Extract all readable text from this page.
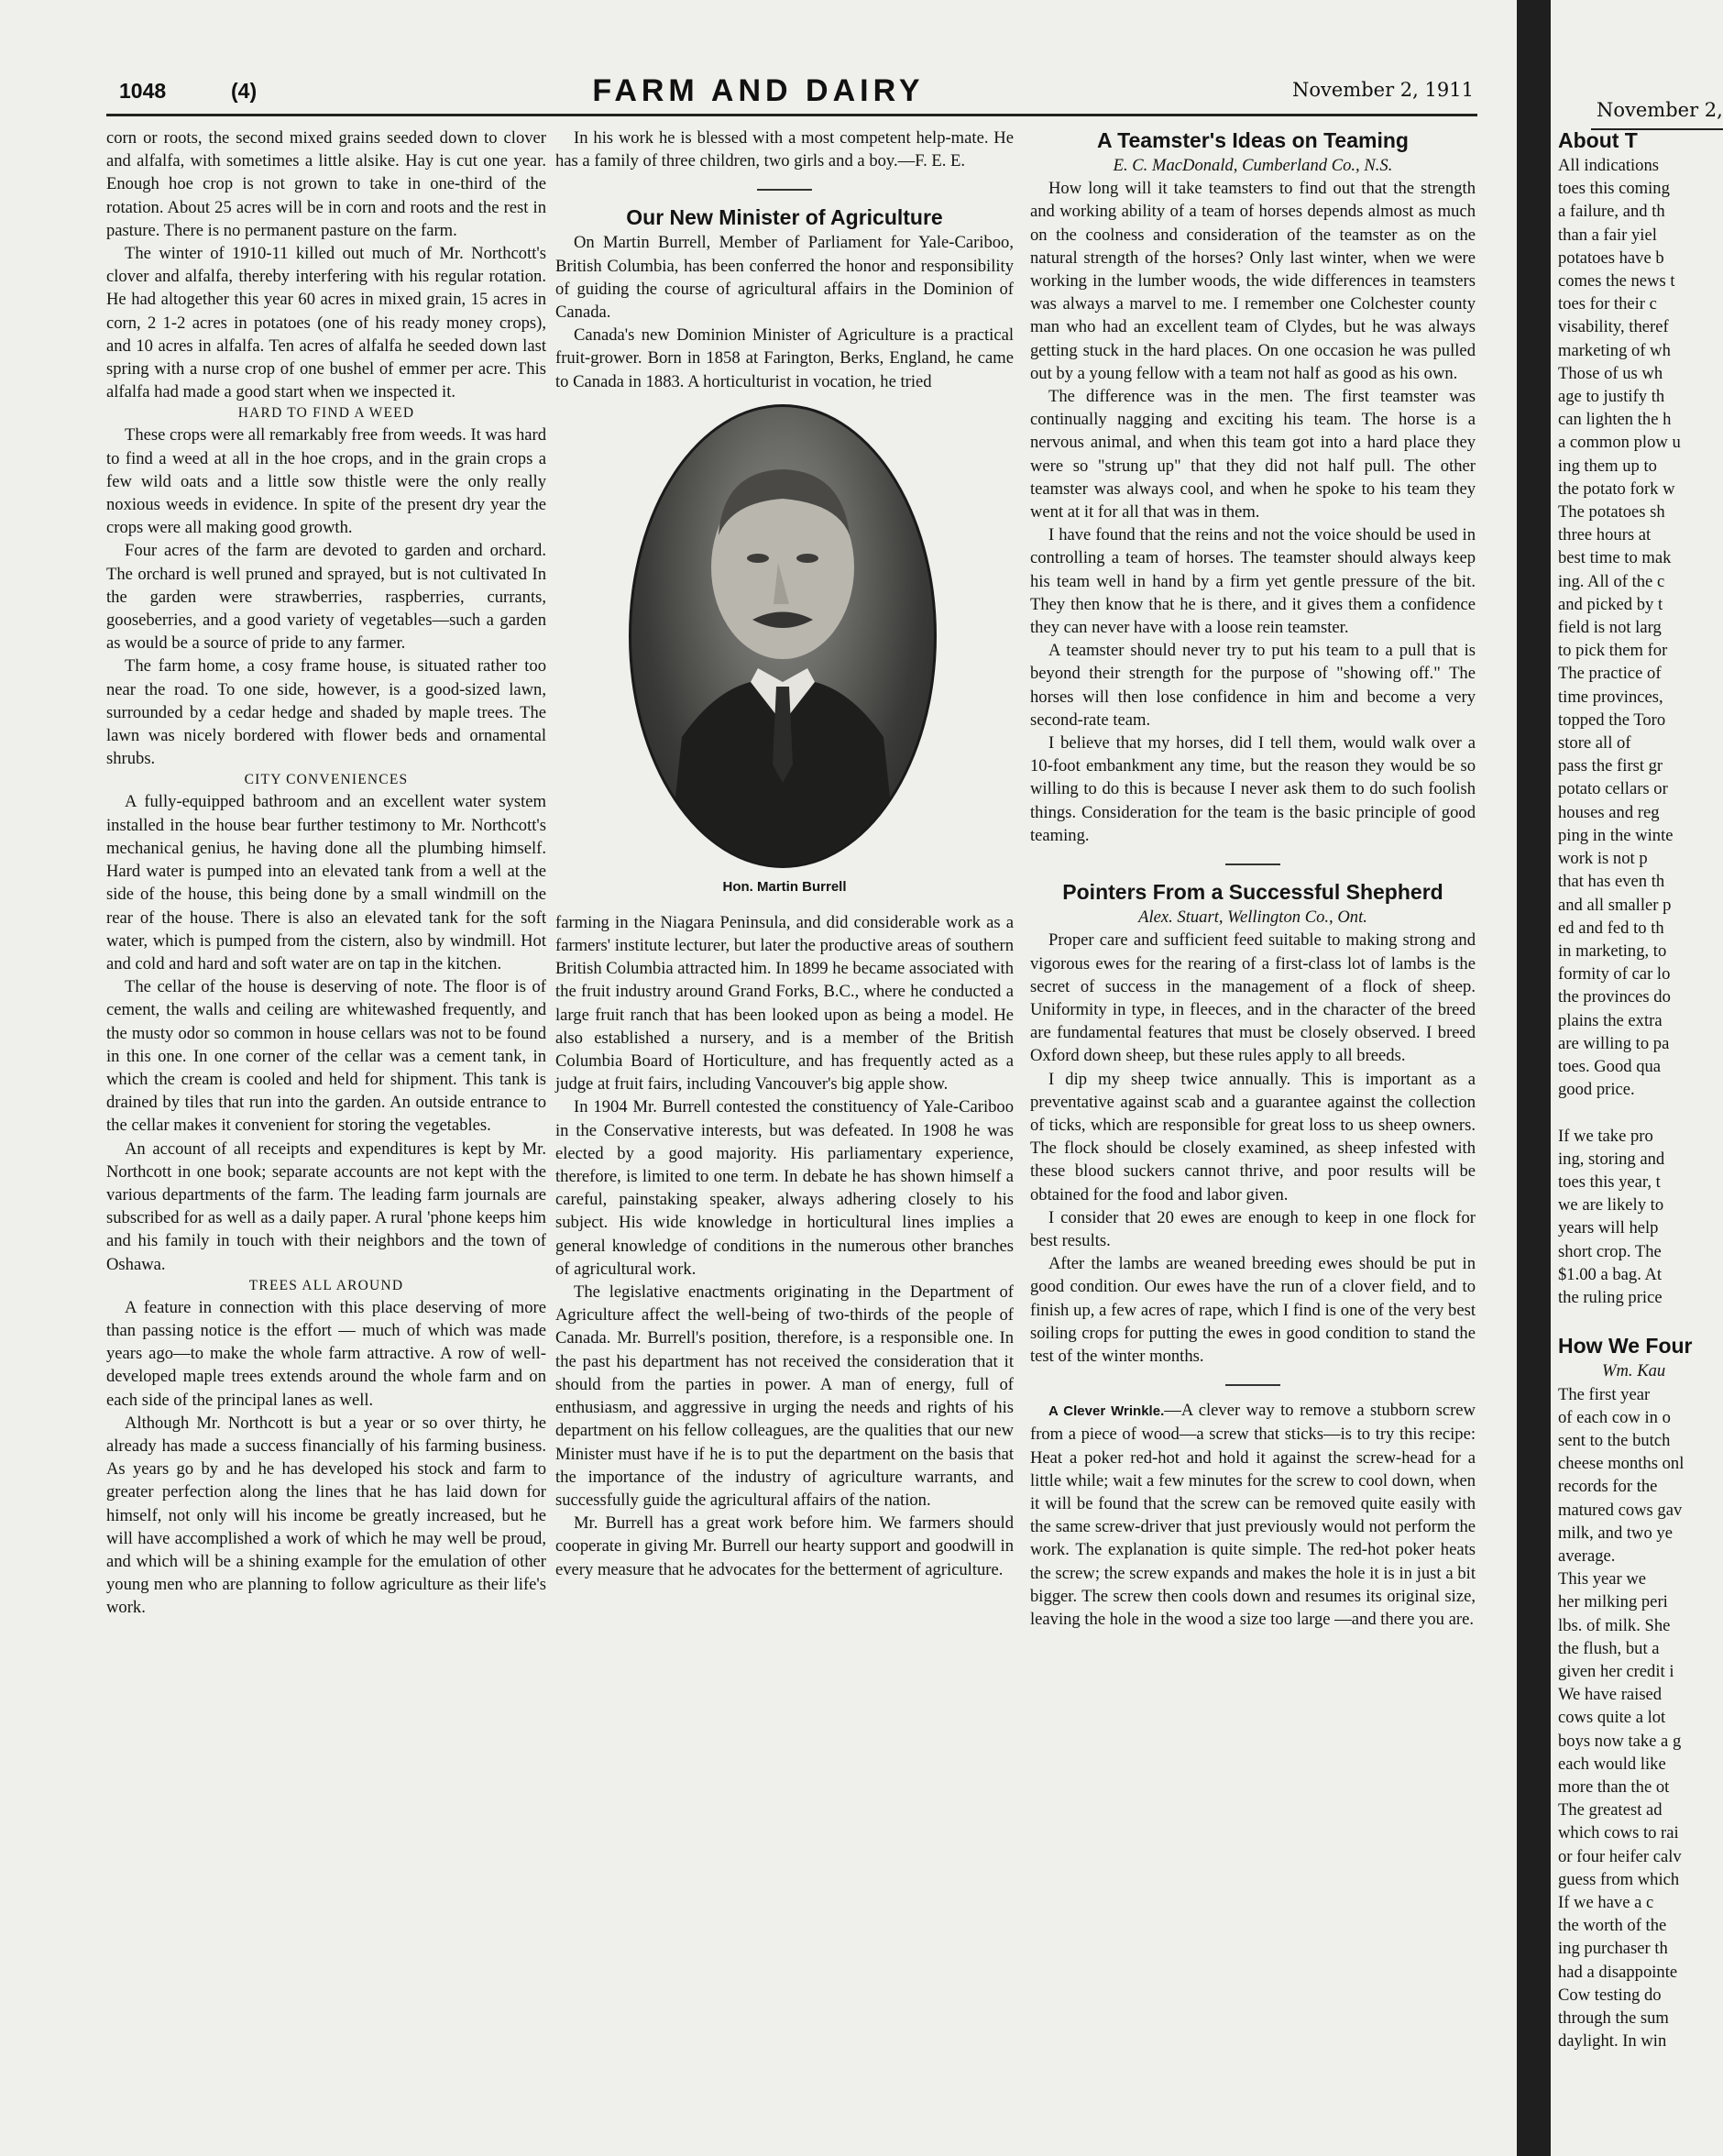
1048	(4)	FARM AND DAIRY	November 2, 1911

corn or roots, the second mixed grains seeded down to clover and alfalfa, with sometimes a little alsike. Hay is cut one year. Enough hoe crop is not grown to take in one-third of the rotation. About 25 acres will be in corn and roots and the rest in pasture. There is no permanent pasture on the farm.

The winter of 1910-11 killed out much of Mr. Northcott's clover and alfalfa, thereby interfering with his regular rotation. He had altogether this year 60 acres in mixed grain, 15 acres in corn, 2 1-2 acres in potatoes (one of his ready money crops), and 10 acres in alfalfa. Ten acres of alfalfa he seeded down last spring with a nurse crop of one bushel of emmer per acre. This alfalfa had made a good start when we inspected it.

HARD TO FIND A WEED

These crops were all remarkably free from weeds. It was hard to find a weed at all in the hoe crops, and in the grain crops a few wild oats and a little sow thistle were the only really noxious weeds in evidence. In spite of the present dry year the crops were all making good growth.

Four acres of the farm are devoted to garden and orchard. The orchard is well pruned and sprayed, but is not cultivated In the garden were strawberries, raspberries, currants, gooseberries, and a good variety of vegetables—such a garden as would be a source of pride to any farmer.

The farm home, a cosy frame house, is situated rather too near the road. To one side, however, is a good-sized lawn, surrounded by a cedar hedge and shaded by maple trees. The lawn was nicely bordered with flower beds and ornamental shrubs.

CITY CONVENIENCES

A fully-equipped bathroom and an excellent water system installed in the house bear further testimony to Mr. Northcott's mechanical genius, he having done all the plumbing himself. Hard water is pumped into an elevated tank from a well at the side of the house, this being done by a small windmill on the rear of the house. There is also an elevated tank for the soft water, which is pumped from the cistern, also by windmill. Hot and cold and hard and soft water are on tap in the kitchen.

The cellar of the house is deserving of note. The floor is of cement, the walls and ceiling are whitewashed frequently, and the musty odor so common in house cellars was not to be found in this one. In one corner of the cellar was a cement tank, in which the cream is cooled and held for shipment. This tank is drained by tiles that run into the garden. An outside entrance to the cellar makes it convenient for storing the vegetables.

An account of all receipts and expenditures is kept by Mr. Northcott in one book; separate accounts are not kept with the various departments of the farm. The leading farm journals are subscribed for as well as a daily paper. A rural 'phone keeps him and his family in touch with their neighbors and the town of Oshawa.

TREES ALL AROUND

A feature in connection with this place deserving of more than passing notice is the effort — much of which was made years ago—to make the whole farm attractive. A row of well-developed maple trees extends around the whole farm and on each side of the principal lanes as well.

Although Mr. Northcott is but a year or so over thirty, he already has made a success financially of his farming business. As years go by and he has developed his stock and farm to greater perfection along the lines that he has laid down for himself, not only will his income be greatly increased, but he will have accomplished a work of which he may well be proud, and which will be a shining example for the emulation of other young men who are planning to follow agriculture as their life's work.

In his work he is blessed with a most competent help-mate. He has a family of three children, two girls and a boy.—F. E. E.

Our New Minister of Agriculture

On Martin Burrell, Member of Parliament for Yale-Cariboo, British Columbia, has been conferred the honor and responsibility of guiding the course of agricultural affairs in the Dominion of Canada.

Canada's new Dominion Minister of Agriculture is a practical fruit-grower. Born in 1858 at Farington, Berks, England, he came to Canada in 1883. A horticulturist in vocation, he tried

Hon. Martin Burrell

farming in the Niagara Peninsula, and did considerable work as a farmers' institute lecturer, but later the productive areas of southern British Columbia attracted him. In 1899 he became associated with the fruit industry around Grand Forks, B.C., where he conducted a large fruit ranch that has been looked upon as being a model. He also established a nursery, and is a member of the British Columbia Board of Horticulture, and has frequently acted as a judge at fruit fairs, including Vancouver's big apple show.

In 1904 Mr. Burrell contested the constituency of Yale-Cariboo in the Conservative interests, but was defeated. In 1908 he was elected by a good majority. His parliamentary experience, therefore, is limited to one term. In debate he has shown himself a careful, painstaking speaker, always adhering closely to his subject. His wide knowledge in horticultural lines implies a general knowledge of conditions in the numerous other branches of agricultural work.

The legislative enactments originating in the Department of Agriculture affect the well-being of two-thirds of the people of Canada. Mr. Burrell's position, therefore, is a responsible one. In the past his department has not received the consideration that it should from the parties in power. A man of energy, full of enthusiasm, and aggressive in urging the needs and rights of his department on his fellow colleagues, are the qualities that our new Minister must have if he is to put the department on the basis that the importance of the industry of agriculture warrants, and successfully guide the agricultural affairs of the nation.

Mr. Burrell has a great work before him. We farmers should cooperate in giving Mr. Burrell our hearty support and goodwill in every measure that he advocates for the betterment of agriculture.

A Teamster's Ideas on Teaming

E. C. MacDonald, Cumberland Co., N.S.

How long will it take teamsters to find out that the strength and working ability of a team of horses depends almost as much on the coolness and consideration of the teamster as on the natural strength of the horses? Only last winter, when we were working in the lumber woods, the wide differences in teamsters was always a marvel to me. I remember one Colchester county man who had an excellent team of Clydes, but he was always getting stuck in the hard places. On one occasion he was pulled out by a young fellow with a team not half as good as his own.

The difference was in the men. The first teamster was continually nagging and exciting his team. The horse is a nervous animal, and when this team got into a hard place they were so "strung up" that they did not half pull. The other teamster was always cool, and when he spoke to his team they went at it for all that was in them.

I have found that the reins and not the voice should be used in controlling a team of horses. The teamster should always keep his team well in hand by a firm yet gentle pressure of the bit. They then know that he is there, and it gives them a confidence they can never have with a loose rein teamster.

A teamster should never try to put his team to a pull that is beyond their strength for the purpose of "showing off." The horses will then lose confidence in him and become a very second-rate team.

I believe that my horses, did I tell them, would walk over a 10-foot embankment any time, but the reason they would be so willing to do this is because I never ask them to do such foolish things. Consideration for the team is the basic principle of good teaming.

Pointers From a Successful Shepherd

Alex. Stuart, Wellington Co., Ont.

Proper care and sufficient feed suitable to making strong and vigorous ewes for the rearing of a first-class lot of lambs is the secret of success in the management of a flock of sheep. Uniformity in type, in fleeces, and in the character of the breed are fundamental features that must be closely observed. I breed Oxford down sheep, but these rules apply to all breeds.

I dip my sheep twice annually. This is important as a preventative against scab and a guarantee against the collection of ticks, which are responsible for great loss to us sheep owners. The flock should be closely examined, as sheep infested with these blood suckers cannot thrive, and poor results will be obtained for the food and labor given.

I consider that 20 ewes are enough to keep in one flock for best results.

After the lambs are weaned breeding ewes should be put in good condition. Our ewes have the run of a clover field, and to finish up, a few acres of rape, which I find is one of the very best soiling crops for putting the ewes in good condition to stand the test of the winter months.

A Clever Wrinkle.—A clever way to remove a stubborn screw from a piece of wood—a screw that sticks—is to try this recipe: Heat a poker red-hot and hold it against the screw-head for a little while; wait a few minutes for the screw to cool down, when it will be found that the screw can be removed quite easily with the same screw-driver that just previously would not perform the work. The explanation is quite simple. The red-hot poker heats the screw; the screw expands and makes the hole it is in just a bit bigger. The screw then cools down and resumes its original size, leaving the hole in the wood a size too large —and there you are.

November 2,

About T

All indications

toes this coming

a failure, and th

than a fair yiel

potatoes have b

comes the news t

toes for their c

visability, theref

marketing of wh

Those of us wh

age to justify th

can lighten the h

a common plow u

ing them up to

the potato fork w

The potatoes sh

three hours at

best time to mak

ing. All of the c

and picked by t

field is not larg

to pick them for

The practice of

time provinces,

topped the Toro

store all of

pass the first gr

potato cellars or

houses and reg

ping in the winte

work is not p

that has even th

and all smaller p

ed and fed to th

in marketing, to

formity of car lo

the provinces do

plains the extra

are willing to pa

toes. Good qua

good price.

If we take pro

ing, storing and

toes this year, t

we are likely to

years will help

short crop. The

$1.00 a bag. At

the ruling price

How We Four

Wm. Kau

The first year

of each cow in o

sent to the butch

cheese months onl

records for the

matured cows gav

milk, and two ye

average.

This year we

her milking peri

lbs. of milk. She

the flush, but a

given her credit i

We have raised

cows quite a lot

boys now take a g

each would like

more than the ot

The greatest ad

which cows to rai

or four heifer calv

guess from which

If we have a c

the worth of the

ing purchaser th

had a disappointe

Cow testing do

through the sum

daylight. In win
